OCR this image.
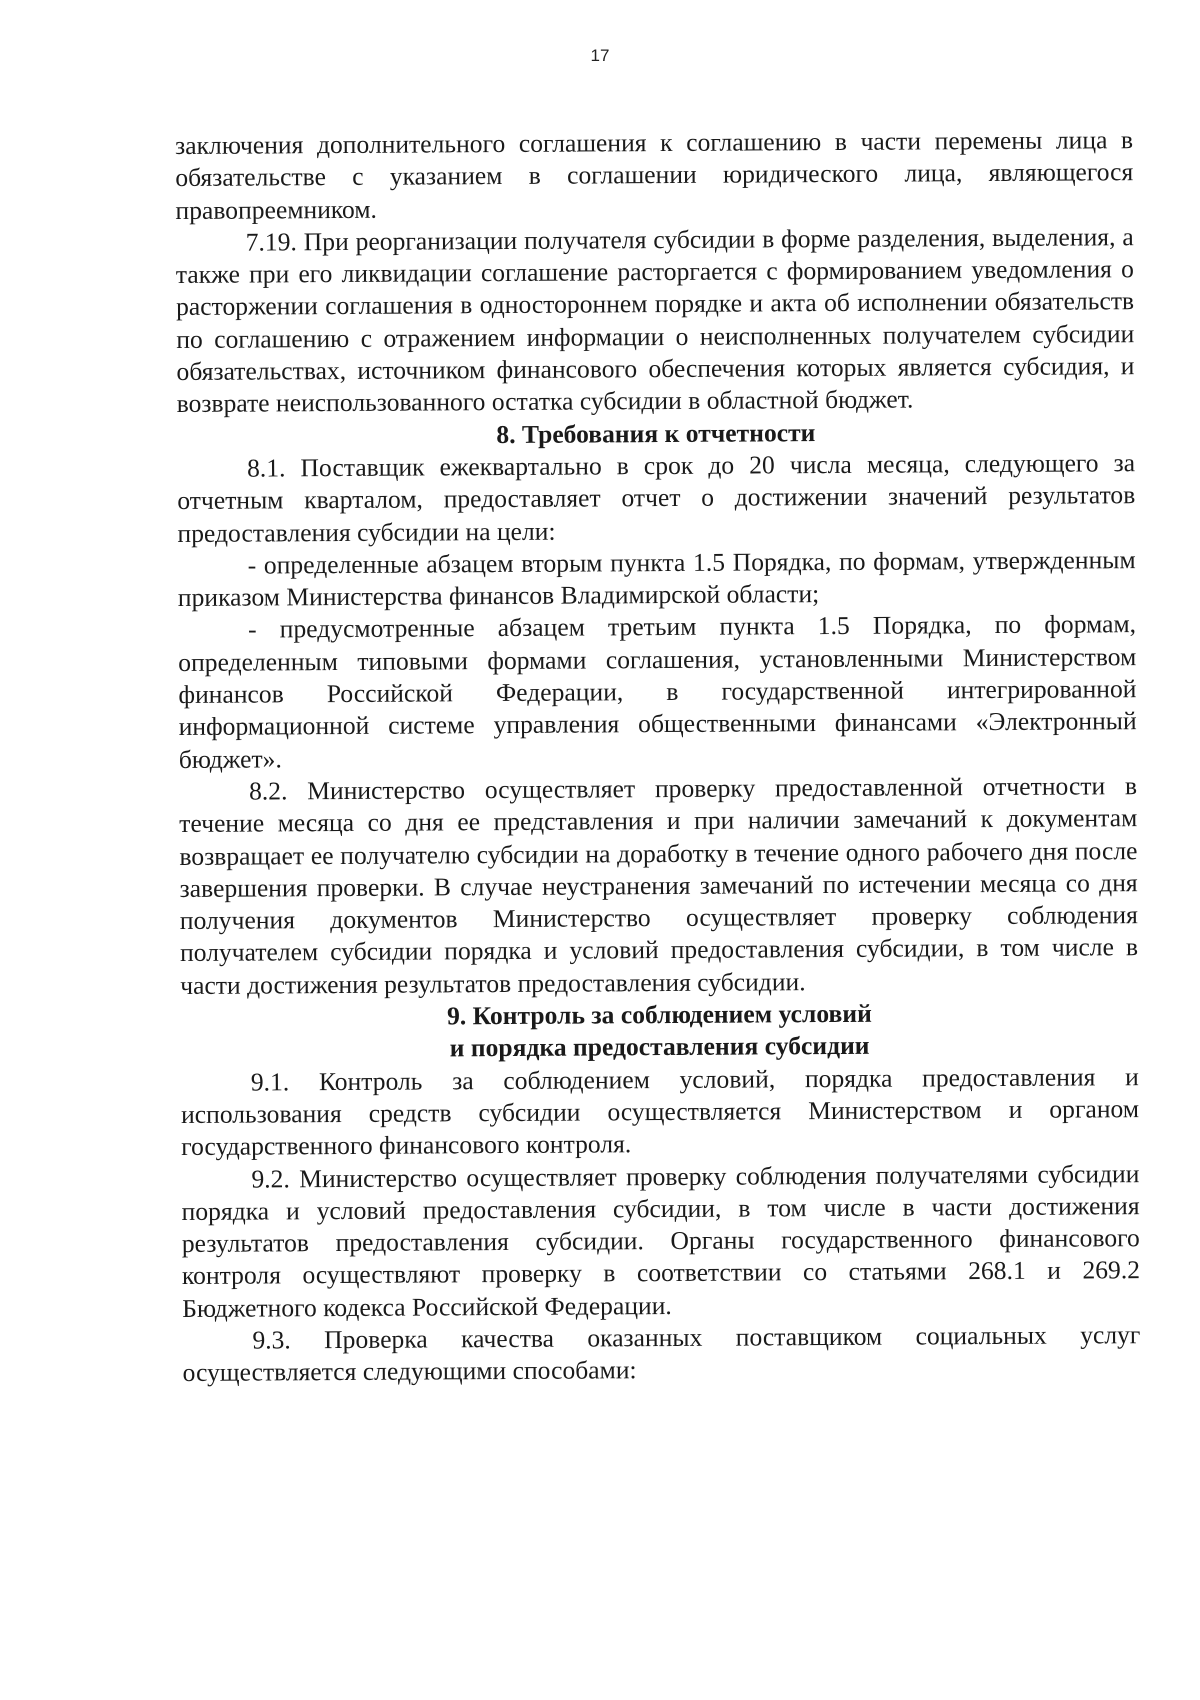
17

заключения дополнительного соглашения к соглашению в части перемены лица в обязательстве с указанием в соглашении юридического лица, являющегося правопреемником.

7.19. При реорганизации получателя субсидии в форме разделения, выделения, а также при его ликвидации соглашение расторгается с формированием уведомления о расторжении соглашения в одностороннем порядке и акта об исполнении обязательств по соглашению с отражением информации о неисполненных получателем субсидии обязательствах, источником финансового обеспечения которых является субсидия, и возврате неиспользованного остатка субсидии в областной бюджет.

8. Требования к отчетности

8.1. Поставщик ежеквартально в срок до 20 числа месяца, следующего за отчетным кварталом, предоставляет отчет о достижении значений результатов предоставления субсидии на цели:

- определенные абзацем вторым пункта 1.5 Порядка, по формам, утвержденным приказом Министерства финансов Владимирской области;

- предусмотренные абзацем третьим пункта 1.5 Порядка, по формам, определенным типовыми формами соглашения, установленными Министерством финансов Российской Федерации, в государственной интегрированной информационной системе управления общественными финансами «Электронный бюджет».

8.2. Министерство осуществляет проверку предоставленной отчетности в течение месяца со дня ее представления и при наличии замечаний к документам возвращает ее получателю субсидии на доработку в течение одного рабочего дня после завершения проверки. В случае неустранения замечаний по истечении месяца со дня получения документов Министерство осуществляет проверку соблюдения получателем субсидии порядка и условий предоставления субсидии, в том числе в части достижения результатов предоставления субсидии.

9. Контроль за соблюдением условий
и порядка предоставления субсидии

9.1. Контроль за соблюдением условий, порядка предоставления и использования средств субсидии осуществляется Министерством и органом государственного финансового контроля.

9.2. Министерство осуществляет проверку соблюдения получателями субсидии порядка и условий предоставления субсидии, в том числе в части достижения результатов предоставления субсидии. Органы государственного финансового контроля осуществляют проверку в соответствии со статьями 268.1 и 269.2 Бюджетного кодекса Российской Федерации.

9.3. Проверка качества оказанных поставщиком социальных услуг осуществляется следующими способами:
